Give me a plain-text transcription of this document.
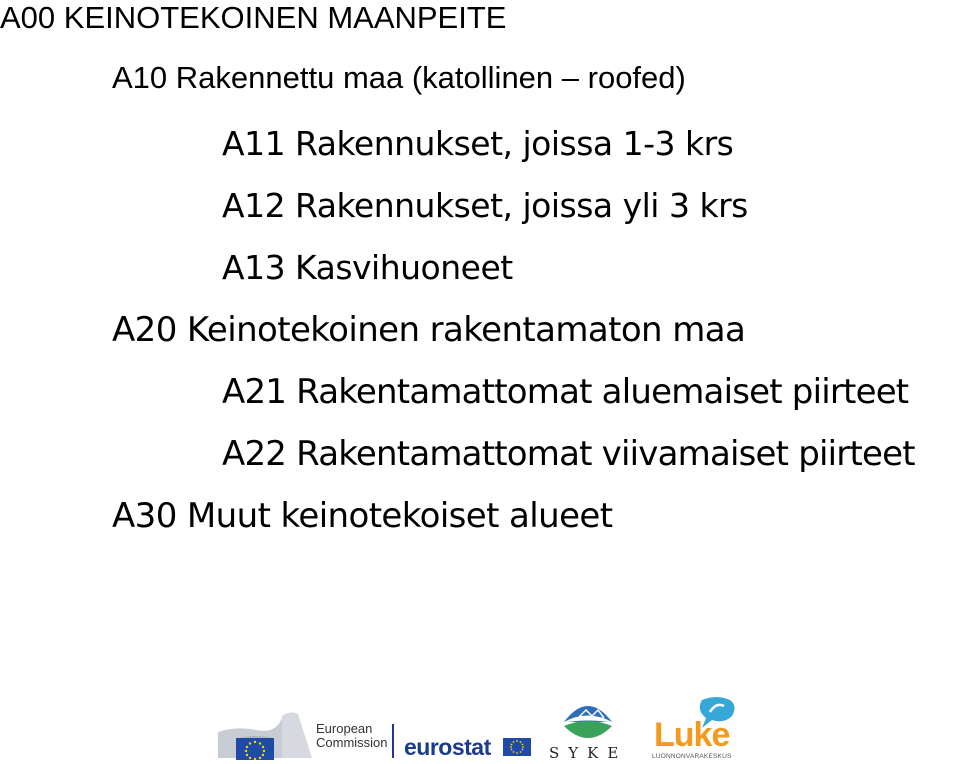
A00 KEINOTEKOINEN MAANPEITE
A10 Rakennettu maa (katollinen – roofed)
A11 Rakennukset, joissa 1-3 krs
A12 Rakennukset, joissa yli 3 krs
A13 Kasvihuoneet
A20 Keinotekoinen rakentamaton maa
A21 Rakentamattomat aluemaiset piirteet
A22 Rakentamattomat viivamaiset piirteet
A30 Muut keinotekoiset alueet
European
Commission eurostat	SYKE Luke
LUONNONVARAKESKUS
